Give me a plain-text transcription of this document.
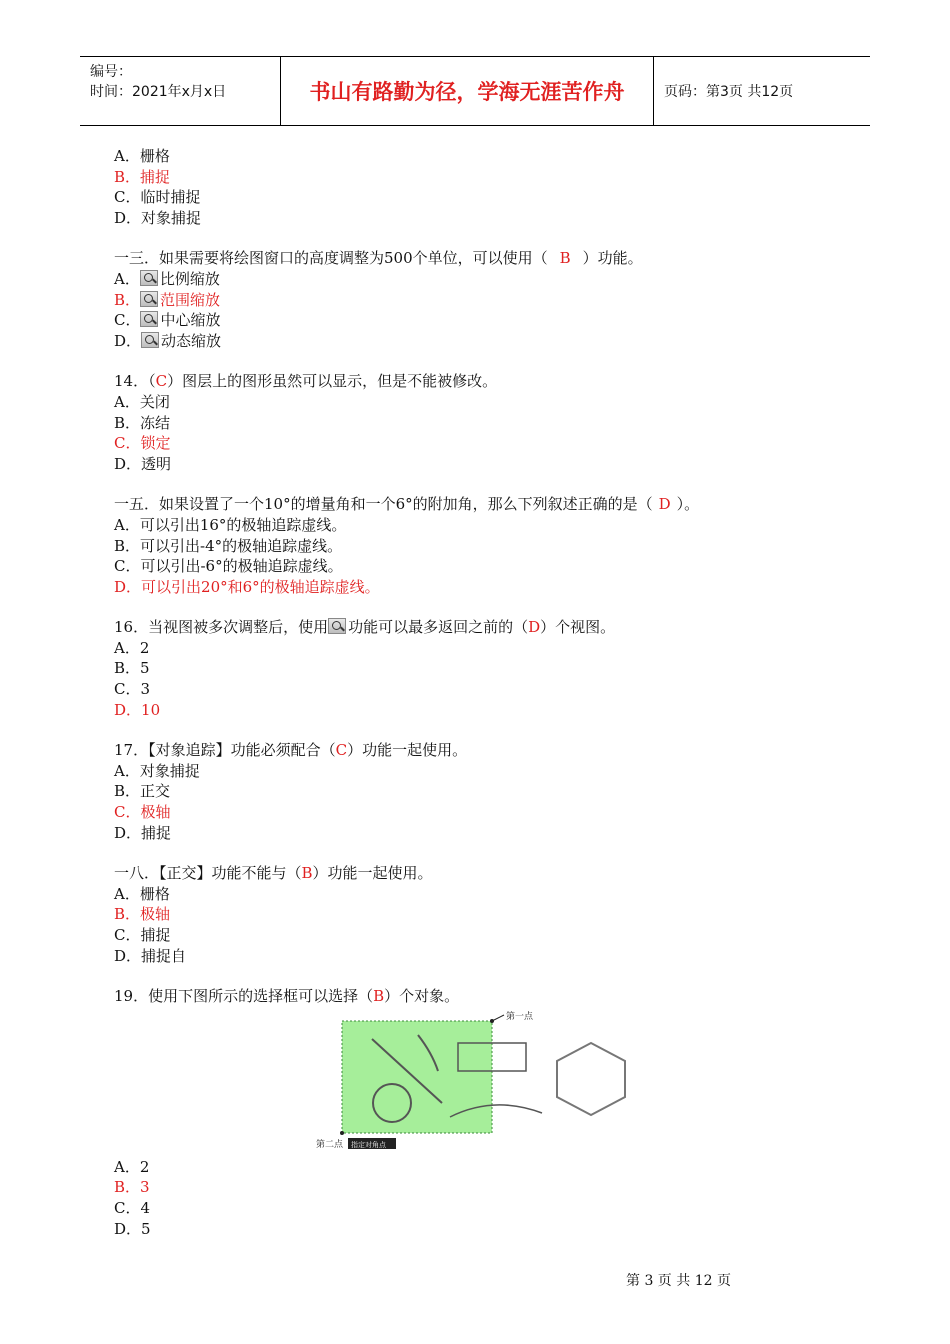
编号：
时间：2021年x月x日	书山有路勤为径，学海无涯苦作舟	页码：第3页 共12页
A．栅格
B．捕捉
C．临时捕捉
D．对象捕捉
一三．如果需要将绘图窗口的高度调整为500个单位，可以使用（ B ）功能。
A． 比例缩放
B． 范围缩放
C． 中心缩放
D． 动态缩放
14．（C）图层上的图形虽然可以显示，但是不能被修改。
A．关闭
B．冻结
C．锁定
D．透明
一五．如果设置了一个10°的增量角和一个6°的附加角，那么下列叙述正确的是（ D ）。
A．可以引出16°的极轴追踪虚线。
B．可以引出-4°的极轴追踪虚线。
C．可以引出-6°的极轴追踪虚线。
D．可以引出20°和6°的极轴追踪虚线。
16．当视图被多次调整后，使用 功能可以最多返回之前的（D）个视图。
A．2
B．5
C．3
D．10
17．【对象追踪】功能必须配合（C）功能一起使用。
A．对象捕捉
B．正交
C．极轴
D．捕捉
一八．【正交】功能不能与（B）功能一起使用。
A．栅格
B．极轴
C．捕捉
D．捕捉自
19．使用下图所示的选择框可以选择（B）个对象。
第一点
第二点 指定对角点
A．2
B．3
C．4
D．5
第 3 页 共 12 页
